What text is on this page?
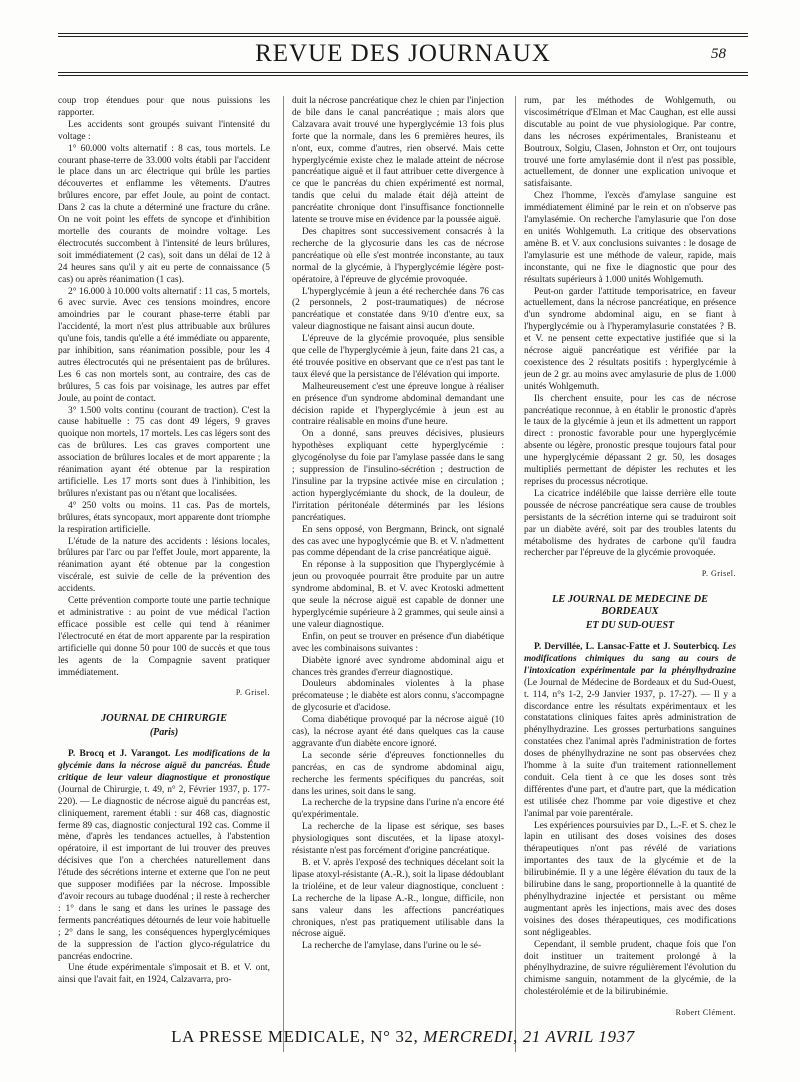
REVUE DES JOURNAUX	58

coup trop étendues pour que nous puissions les rapporter.

Les accidents sont groupés suivant l'intensité du voltage :

1° 60.000 volts alternatif : 8 cas, tous mortels. Le courant phase-terre de 33.000 volts établi par l'accident le place dans un arc électrique qui brûle les parties découvertes et enflamme les vêtements. D'autres brûlures encore, par effet Joule, au point de contact. Dans 2 cas la chute a déterminé une fracture du crâne. On ne voit point les effets de syncope et d'inhibition mortelle des courants de moindre voltage. Les électrocutés succombent à l'intensité de leurs brûlures, soit immédiatement (2 cas), soit dans un délai de 12 à 24 heures sans qu'il y ait eu perte de connaissance (5 cas) ou après réanimation (1 cas).

2° 16.000 à 10.000 volts alternatif : 11 cas, 5 mortels, 6 avec survie. Avec ces tensions moindres, encore amoindries par le courant phase-terre établi par l'accidenté, la mort n'est plus attribuable aux brûlures qu'une fois, tandis qu'elle a été immédiate ou apparente, par inhibition, sans réanimation possible, pour les 4 autres électrocutés qui ne présentaient pas de brûlures. Les 6 cas non mortels sont, au contraire, des cas de brûlures, 5 cas fois par voisinage, les autres par effet Joule, au point de contact.

3° 1.500 volts continu (courant de traction). C'est la cause habituelle : 75 cas dont 49 légers, 9 graves quoique non mortels, 17 mortels. Les cas légers sont des cas de brûlures. Les cas graves comportent une association de brûlures locales et de mort apparente ; la réanimation ayant été obtenue par la respiration artificielle. Les 17 morts sont dues à l'inhibition, les brûlures n'existant pas ou n'étant que localisées.

4° 250 volts ou moins. 11 cas. Pas de mortels, brûlures, états syncopaux, mort apparente dont triomphe la respiration artificielle.

L'étude de la nature des accidents : lésions locales, brûlures par l'arc ou par l'effet Joule, mort apparente, la réanimation ayant été obtenue par la congestion viscérale, est suivie de celle de la prévention des accidents.

Cette prévention comporte toute une partie technique et administrative : au point de vue médical l'action efficace possible est celle qui tend à réanimer l'électrocuté en état de mort apparente par la respiration artificielle qui donne 50 pour 100 de succès et que tous les agents de la Compagnie savent pratiquer immédiatement.

P. Grisel.

JOURNAL DE CHIRURGIE

(Paris)

P. Brocq et J. Varangot. Les modifications de la glycémie dans la nécrose aiguë du pancréas. Étude critique de leur valeur diagnostique et pronostique (Journal de Chirurgie, t. 49, n° 2, Février 1937, p. 177-220). — Le diagnostic de nécrose aiguë du pancréas est, cliniquement, rarement établi : sur 468 cas, diagnostic ferme 89 cas, diagnostic conjectural 192 cas. Comme il mène, d'après les tendances actuelles, à l'abstention opératoire, il est important de lui trouver des preuves décisives que l'on a cherchées naturellement dans l'étude des sécrétions interne et externe que l'on ne peut que supposer modifiées par la nécrose. Impossible d'avoir recours au tubage duodénal ; il reste à rechercher : 1° dans le sang et dans les urines le passage des ferments pancréatiques détournés de leur voie habituelle ; 2° dans le sang, les conséquences hyperglycémiques de la suppression de l'action glyco-régulatrice du pancréas endocrine.

Une étude expérimentale s'imposait et B. et V. ont, ainsi que l'avait fait, en 1924, Calzavarra, pro-

duit la nécrose pancréatique chez le chien par l'injection de bile dans le canal pancréatique ; mais alors que Calzavara avait trouvé une hyperglycémie 13 fois plus forte que la normale, dans les 6 premières heures, ils n'ont, eux, comme d'autres, rien observé. Mais cette hyperglycémie existe chez le malade atteint de nécrose pancréatique aiguë et il faut attribuer cette divergence à ce que le pancréas du chien expérimenté est normal, tandis que celui du malade était déjà atteint de pancréatite chronique dont l'insuffisance fonctionnelle latente se trouve mise en évidence par la poussée aiguë.

Des chapitres sont successivement consacrés à la recherche de la glycosurie dans les cas de nécrose pancréatique où elle s'est montrée inconstante, au taux normal de la glycémie, à l'hyperglycémie légère post-opératoire, à l'épreuve de glycémie provoquée.

L'hyperglycémie à jeun a été recherchée dans 76 cas (2 personnels, 2 post-traumatiques) de nécrose pancréatique et constatée dans 9/10 d'entre eux, sa valeur diagnostique ne faisant ainsi aucun doute.

L'épreuve de la glycémie provoquée, plus sensible que celle de l'hyperglycémie à jeun, faite dans 21 cas, a été trouvée positive en observant que ce n'est pas tant le taux élevé que la persistance de l'élévation qui importe.

Malheureusement c'est une épreuve longue à réaliser en présence d'un syndrome abdominal demandant une décision rapide et l'hyperglycémie à jeun est au contraire réalisable en moins d'une heure.

On a donné, sans preuves décisives, plusieurs hypothèses expliquant cette hyperglycémie : glycogénolyse du foie par l'amylase passée dans le sang ; suppression de l'insulino-sécrétion ; destruction de l'insuline par la trypsine activée mise en circulation ; action hyperglycémiante du shock, de la douleur, de l'irritation péritonéale déterminés par les lésions pancréatiques.

En sens opposé, von Bergmann, Brinck, ont signalé des cas avec une hypoglycémie que B. et V. n'admettent pas comme dépendant de la crise pancréatique aiguë.

En réponse à la supposition que l'hyperglycémie à jeun ou provoquée pourrait être produite par un autre syndrome abdominal, B. et V. avec Krotoski admettent que seule la nécrose aiguë est capable de donner une hyperglycémie supérieure à 2 grammes, qui seule ainsi a une valeur diagnostique.

Enfin, on peut se trouver en présence d'un diabétique avec les combinaisons suivantes :

Diabète ignoré avec syndrome abdominal aigu et chances très grandes d'erreur diagnostique.

Douleurs abdominales violentes à la phase précomateuse ; le diabète est alors connu, s'accompagne de glycosurie et d'acidose.

Coma diabétique provoqué par la nécrose aiguë (10 cas), la nécrose ayant été dans quelques cas la cause aggravante d'un diabète encore ignoré.

La seconde série d'épreuves fonctionnelles du pancréas, en cas de syndrome abdominal aigu, recherche les ferments spécifiques du pancréas, soit dans les urines, soit dans le sang.

La recherche de la trypsine dans l'urine n'a encore été qu'expérimentale.

La recherche de la lipase est sérique, ses bases physiologiques sont discutées, et la lipase atoxyl-résistante n'est pas forcément d'origine pancréatique.

B. et V. après l'exposé des techniques décelant soit la lipase atoxyl-résistante (A.-R.), soit la lipase dédoublant la trioléine, et de leur valeur diagnostique, concluent : La recherche de la lipase A.-R., longue, difficile, non sans valeur dans les affections pancréatiques chroniques, n'est pas pratiquement utilisable dans la nécrose aiguë.

La recherche de l'amylase, dans l'urine ou le sé-

rum, par les méthodes de Wohlgemuth, ou viscosimétrique d'Elman et Mac Caughan, est elle aussi discutable au point de vue physiologique. Par contre, dans les nécroses expérimentales, Branisteanu et Boutroux, Solgiu, Clasen, Johnston et Orr, ont toujours trouvé une forte amylasémie dont il n'est pas possible, actuellement, de donner une explication univoque et satisfaisante.

Chez l'homme, l'excès d'amylase sanguine est immédiatement éliminé par le rein et on n'observe pas l'amylasémie. On recherche l'amylasurie que l'on dose en unités Wohlgemuth. La critique des observations amène B. et V. aux conclusions suivantes : le dosage de l'amylasurie est une méthode de valeur, rapide, mais inconstante, qui ne fixe le diagnostic que pour des résultats supérieurs à 1.000 unités Wohlgemuth.

Peut-on garder l'attitude temporisatrice, en faveur actuellement, dans la nécrose pancréatique, en présence d'un syndrome abdominal aigu, en se fiant à l'hyperglycémie ou à l'hyperamylasurie constatées ? B. et V. ne pensent cette expectative justifiée que si la nécrose aiguë pancréatique est vérifiée par la coexistence des 2 résultats positifs : hyperglycémie à jeun de 2 gr. au moins avec amylasurie de plus de 1.000 unités Wohlgemuth.

Ils cherchent ensuite, pour les cas de nécrose pancréatique reconnue, à en établir le pronostic d'après le taux de la glycémie à jeun et ils admettent un rapport direct : pronostic favorable pour une hyperglycémie absente ou légère, pronostic presque toujours fatal pour une hyperglycémie dépassant 2 gr. 50, les dosages multipliés permettant de dépister les rechutes et les reprises du processus nécrotique.

La cicatrice indélébile que laisse derrière elle toute poussée de nécrose pancréatique sera cause de troubles persistants de la sécrétion interne qui se traduiront soit par un diabète avéré, soit par des troubles latents du métabolisme des hydrates de carbone qu'il faudra rechercher par l'épreuve de la glycémie provoquée.

P. Grisel.

LE JOURNAL DE MEDECINE DE BORDEAUX

ET DU SUD-OUEST

P. Dervillée, L. Lansac-Fatte et J. Souterbicq. Les modifications chimiques du sang au cours de l'intoxication expérimentale par la phénylhydrazine (Le Journal de Médecine de Bordeaux et du Sud-Ouest, t. 114, n°s 1-2, 2-9 Janvier 1937, p. 17-27). — Il y a discordance entre les résultats expérimentaux et les constatations cliniques faites après administration de phénylhydrazine. Les grosses perturbations sanguines constatées chez l'animal après l'administration de fortes doses de phénylhydrazine ne sont pas observées chez l'homme à la suite d'un traitement rationnellement conduit. Cela tient à ce que les doses sont très différentes d'une part, et d'autre part, que la médication est utilisée chez l'homme par voie digestive et chez l'animal par voie parentérale.

Les expériences poursuivies par D., L.-F. et S. chez le lapin en utilisant des doses voisines des doses thérapeutiques n'ont pas révélé de variations importantes des taux de la glycémie et de la bilirubinémie. Il y a une légère élévation du taux de la bilirubine dans le sang, proportionnelle à la quantité de phénylhydrazine injectée et persistant ou même augmentant après les injections, mais avec des doses voisines des doses thérapeutiques, ces modifications sont négligeables.

Cependant, il semble prudent, chaque fois que l'on doit instituer un traitement prolongé à la phénylhydrazine, de suivre régulièrement l'évolution du chimisme sanguin, notamment de la glycémie, de la cholestérolémie et de la bilirubinémie.

Robert Clément.

LA PRESSE MEDICALE, N° 32, MERCREDI, 21 AVRIL 1937
